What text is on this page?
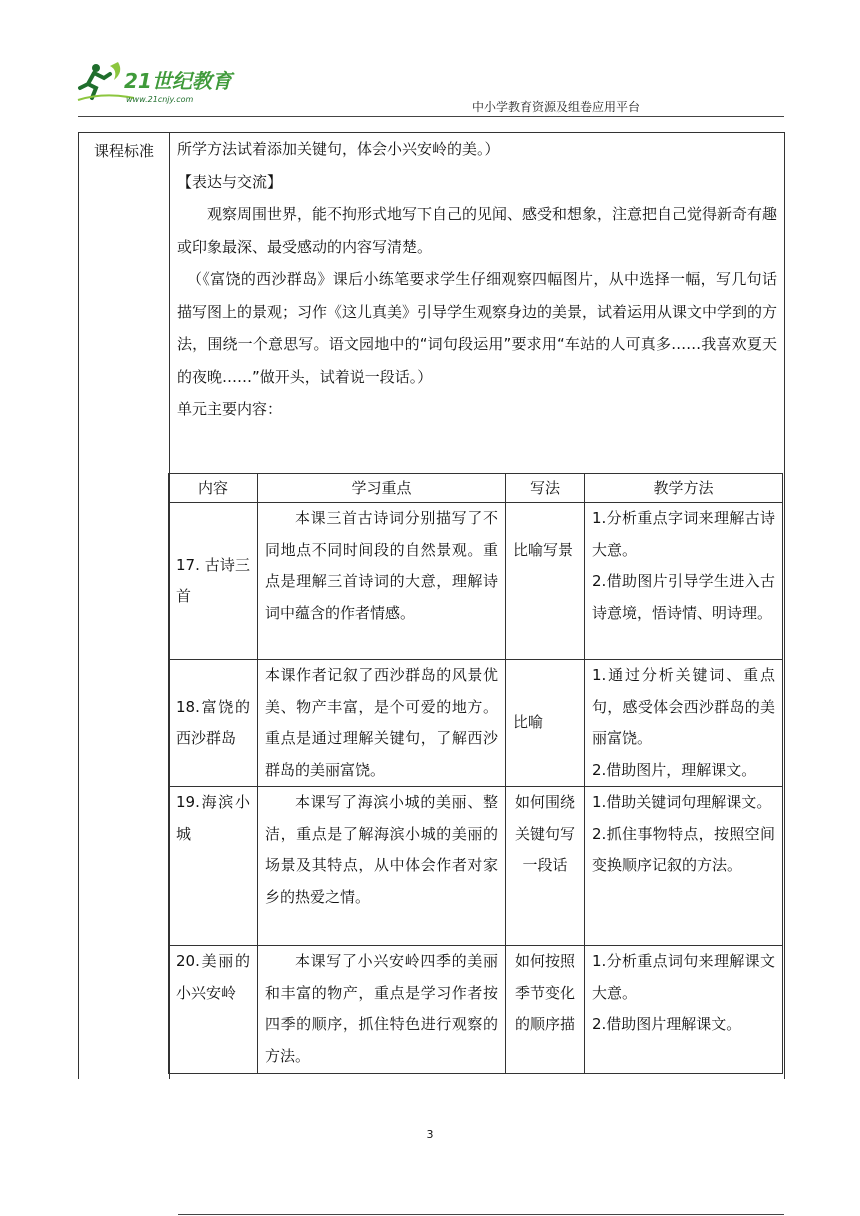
21世纪教育
www.21cnjy.com
中小学教育资源及组卷应用平台
课程标准	所学方法试着添加关键句，体会小兴安岭的美。）

【表达与交流】

观察周围世界，能不拘形式地写下自己的见闻、感受和想象，注意把自己觉得新奇有趣或印象最深、最受感动的内容写清楚。

（《富饶的西沙群岛》课后小练笔要求学生仔细观察四幅图片，从中选择一幅，写几句话描写图上的景观；习作《这儿真美》引导学生观察身边的美景，试着运用从课文中学到的方法，围绕一个意思写。语文园地中的“词句段运用”要求用“车站的人可真多……我喜欢夏天的夜晚……”做开头，试着说一段话。）

单元主要内容：

内容	学习重点	写法	教学方法
17. 古诗三首	本课三首古诗词分别描写了不同地点不同时间段的自然景观。重点是理解三首诗词的大意，理解诗词中蕴含的作者情感。	比喻写景	1.分析重点字词来理解古诗大意。
2.借助图片引导学生进入古诗意境，悟诗情、明诗理。

18.富饶的西沙群岛	本课作者记叙了西沙群岛的风景优美、物产丰富，是个可爱的地方。重点是通过理解关键句，了解西沙群岛的美丽富饶。	比喻	1.通过分析关键词、重点句，感受体会西沙群岛的美丽富饶。
2.借助图片，理解课文。

19.海滨小城	本课写了海滨小城的美丽、整洁，重点是了解海滨小城的美丽的场景及其特点，从中体会作者对家乡的热爱之情。	如何围绕关键句写一段话	1.借助关键词句理解课文。
2.抓住事物特点，按照空间变换顺序记叙的方法。

20.美丽的小兴安岭	本课写了小兴安岭四季的美丽和丰富的物产，重点是学习作者按四季的顺序，抓住特色进行观察的方法。	如何按照季节变化的顺序描	1.分析重点词句来理解课文大意。
2.借助图片理解课文。
3
